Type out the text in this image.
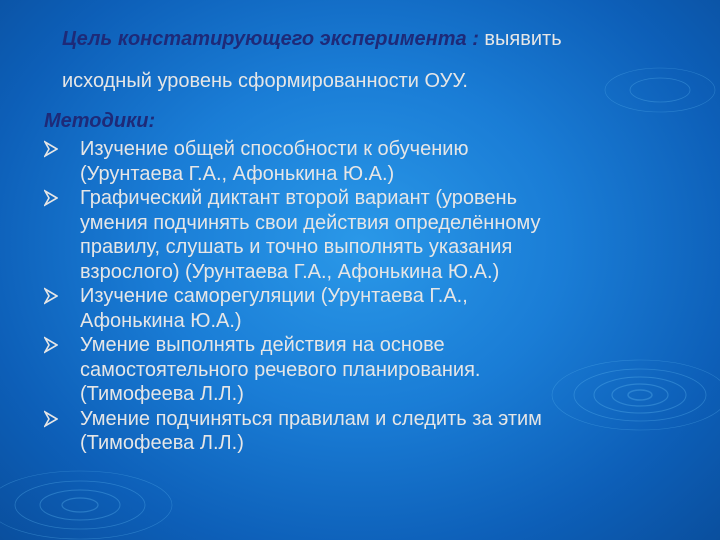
Цель констатирующего эксперимента : выявить
исходный уровень сформированности ОУУ.
Методики:
Изучение общей способности к обучению
(Урунтаева Г.А., Афонькина Ю.А.)
Графический диктант второй вариант (уровень
умения подчинять свои действия определённому
правилу, слушать и точно выполнять указания
взрослого) (Урунтаева Г.А., Афонькина Ю.А.)
Изучение саморегуляции (Урунтаева Г.А.,
Афонькина Ю.А.)
Умение выполнять действия на основе
самостоятельного речевого планирования.
(Тимофеева Л.Л.)
Умение подчиняться правилам и следить за этим
(Тимофеева Л.Л.)
